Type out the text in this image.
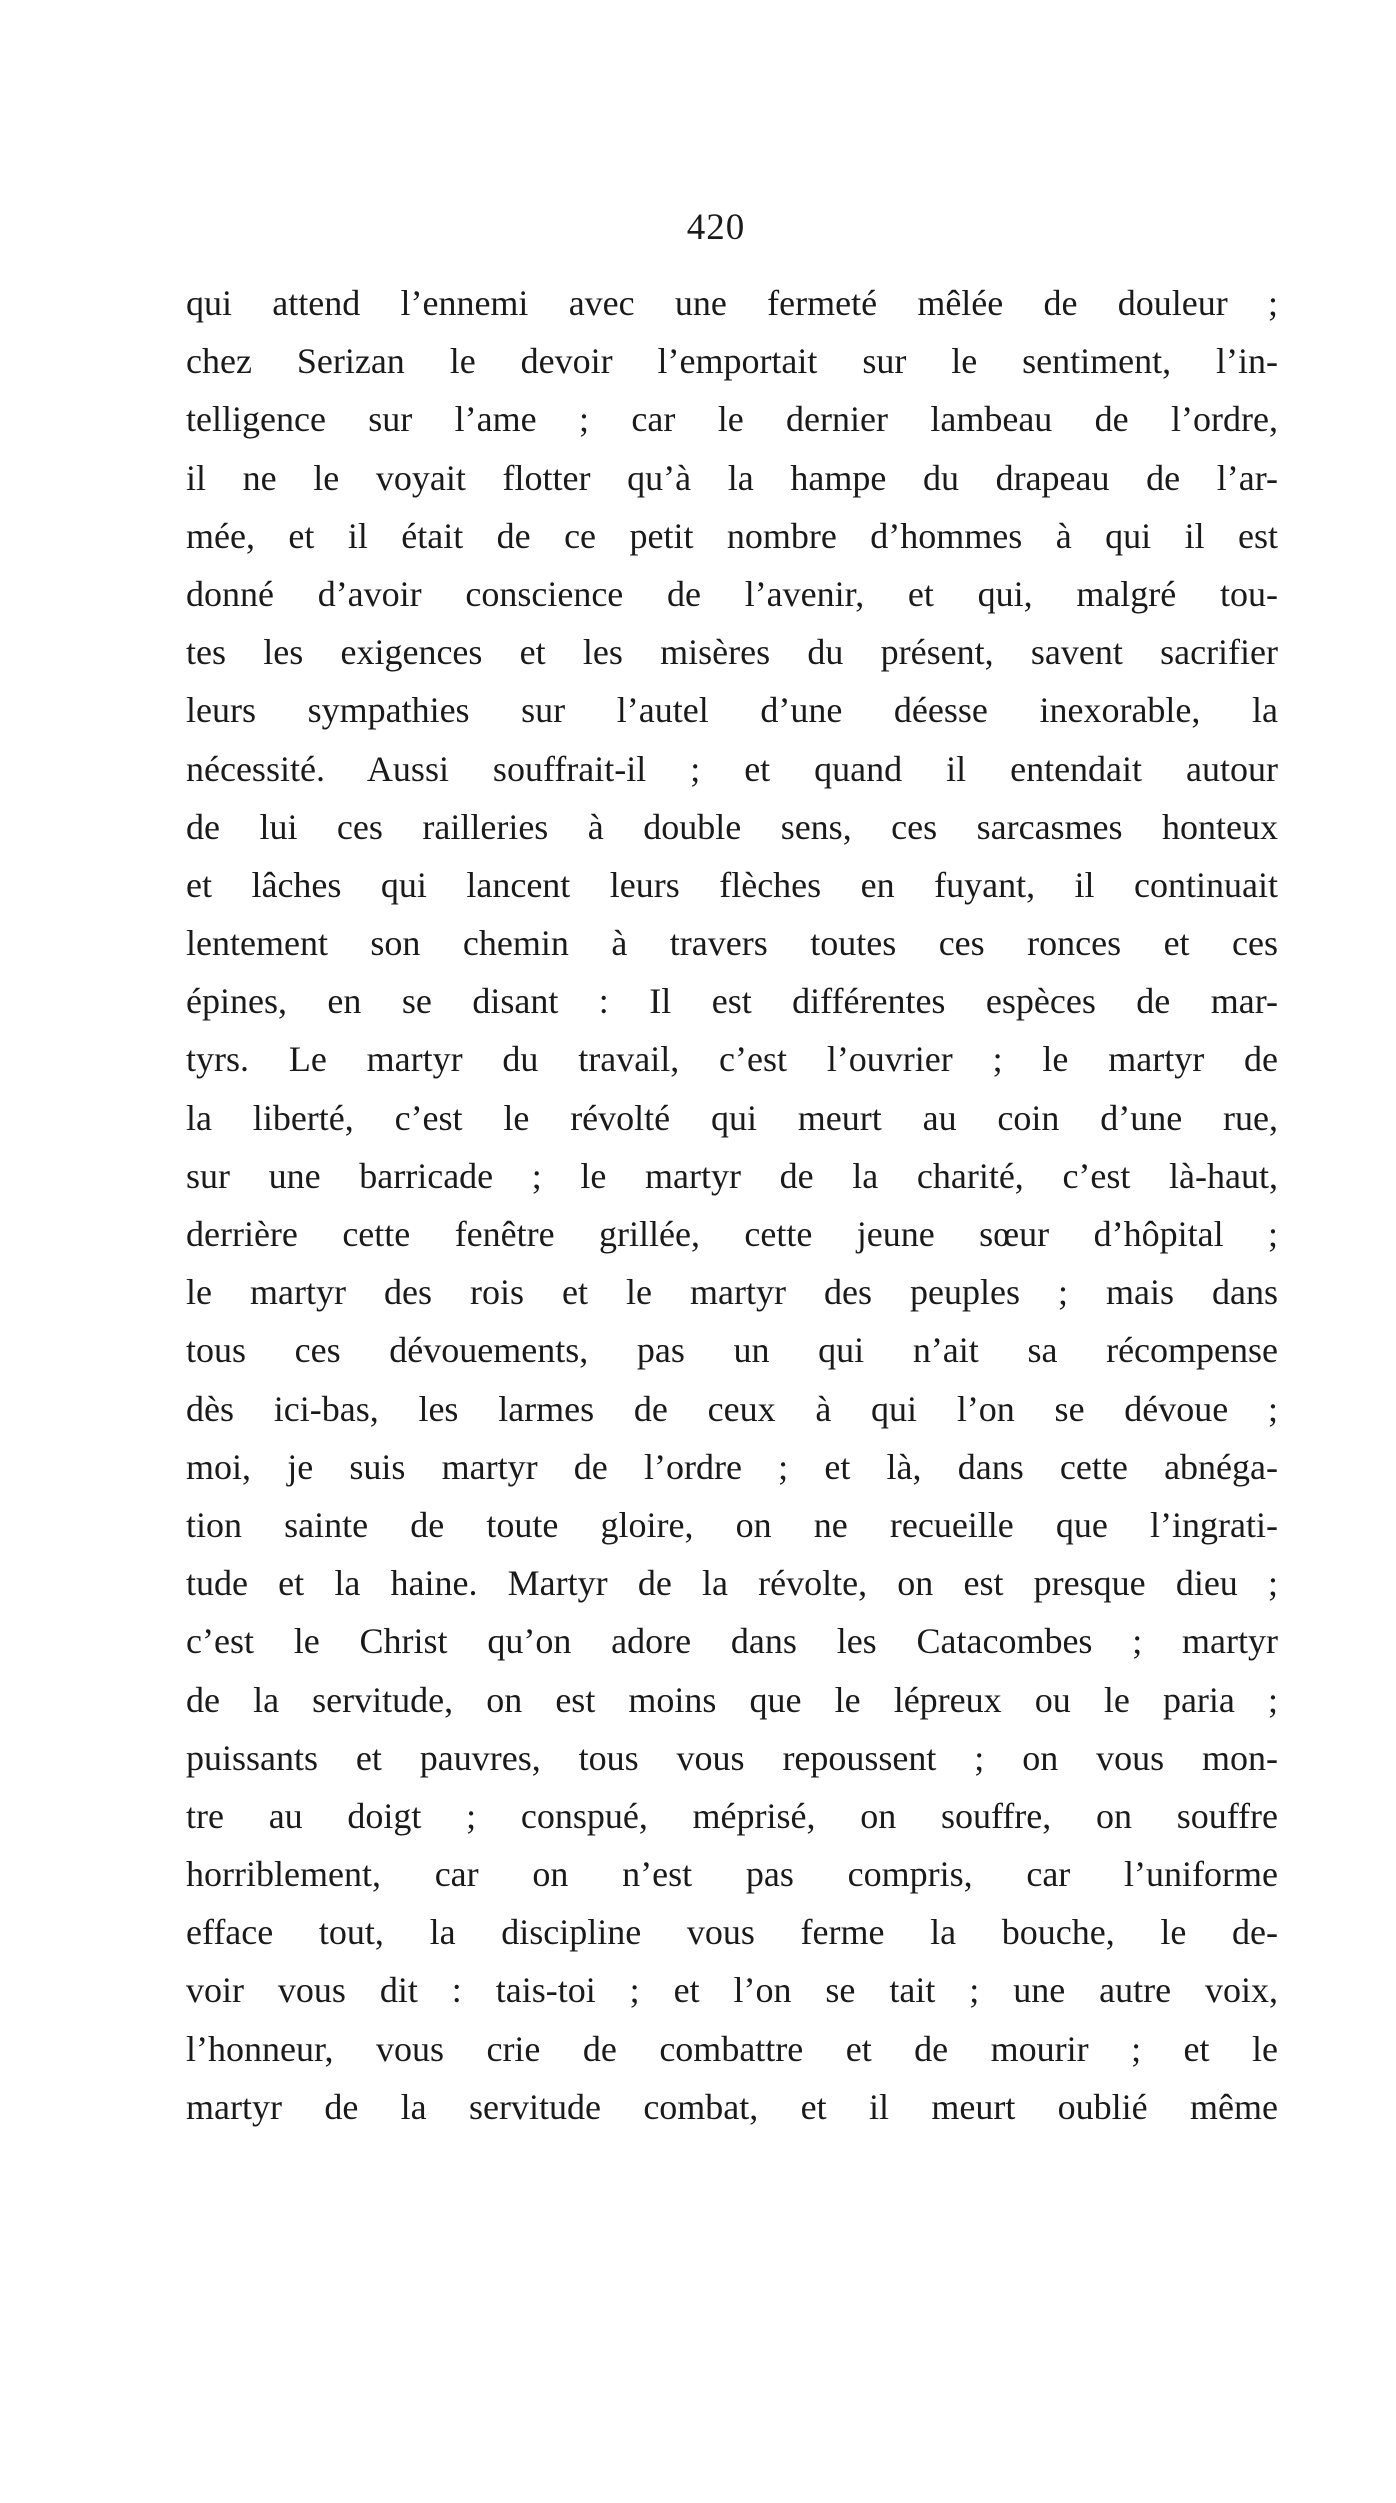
420
qui attend l’ennemi avec une fermeté mêlée de douleur ;
chez Serizan le devoir l’emportait sur le sentiment, l’in-
telligence sur l’ame ; car le dernier lambeau de l’ordre,
il ne le voyait flotter qu’à la hampe du drapeau de l’ar-
mée, et il était de ce petit nombre d’hommes à qui il est
donné d’avoir conscience de l’avenir, et qui, malgré tou-
tes les exigences et les misères du présent, savent sacrifier
leurs sympathies sur l’autel d’une déesse inexorable, la
nécessité. Aussi souffrait-il ; et quand il entendait autour
de lui ces railleries à double sens, ces sarcasmes honteux
et lâches qui lancent leurs flèches en fuyant, il continuait
lentement son chemin à travers toutes ces ronces et ces
épines, en se disant : Il est différentes espèces de mar-
tyrs. Le martyr du travail, c’est l’ouvrier ; le martyr de
la liberté, c’est le révolté qui meurt au coin d’une rue,
sur une barricade ; le martyr de la charité, c’est là-haut,
derrière cette fenêtre grillée, cette jeune sœur d’hôpital ;
le martyr des rois et le martyr des peuples ; mais dans
tous ces dévouements, pas un qui n’ait sa récompense
dès ici-bas, les larmes de ceux à qui l’on se dévoue ;
moi, je suis martyr de l’ordre ; et là, dans cette abnéga-
tion sainte de toute gloire, on ne recueille que l’ingrati-
tude et la haine. Martyr de la révolte, on est presque dieu ;
c’est le Christ qu’on adore dans les Catacombes ; martyr
de la servitude, on est moins que le lépreux ou le paria ;
puissants et pauvres, tous vous repoussent ; on vous mon-
tre au doigt ; conspué, méprisé, on souffre, on souffre
horriblement, car on n’est pas compris, car l’uniforme
efface tout, la discipline vous ferme la bouche, le de-
voir vous dit : tais-toi ; et l’on se tait ; une autre voix,
l’honneur, vous crie de combattre et de mourir ; et le
martyr de la servitude combat, et il meurt oublié même
